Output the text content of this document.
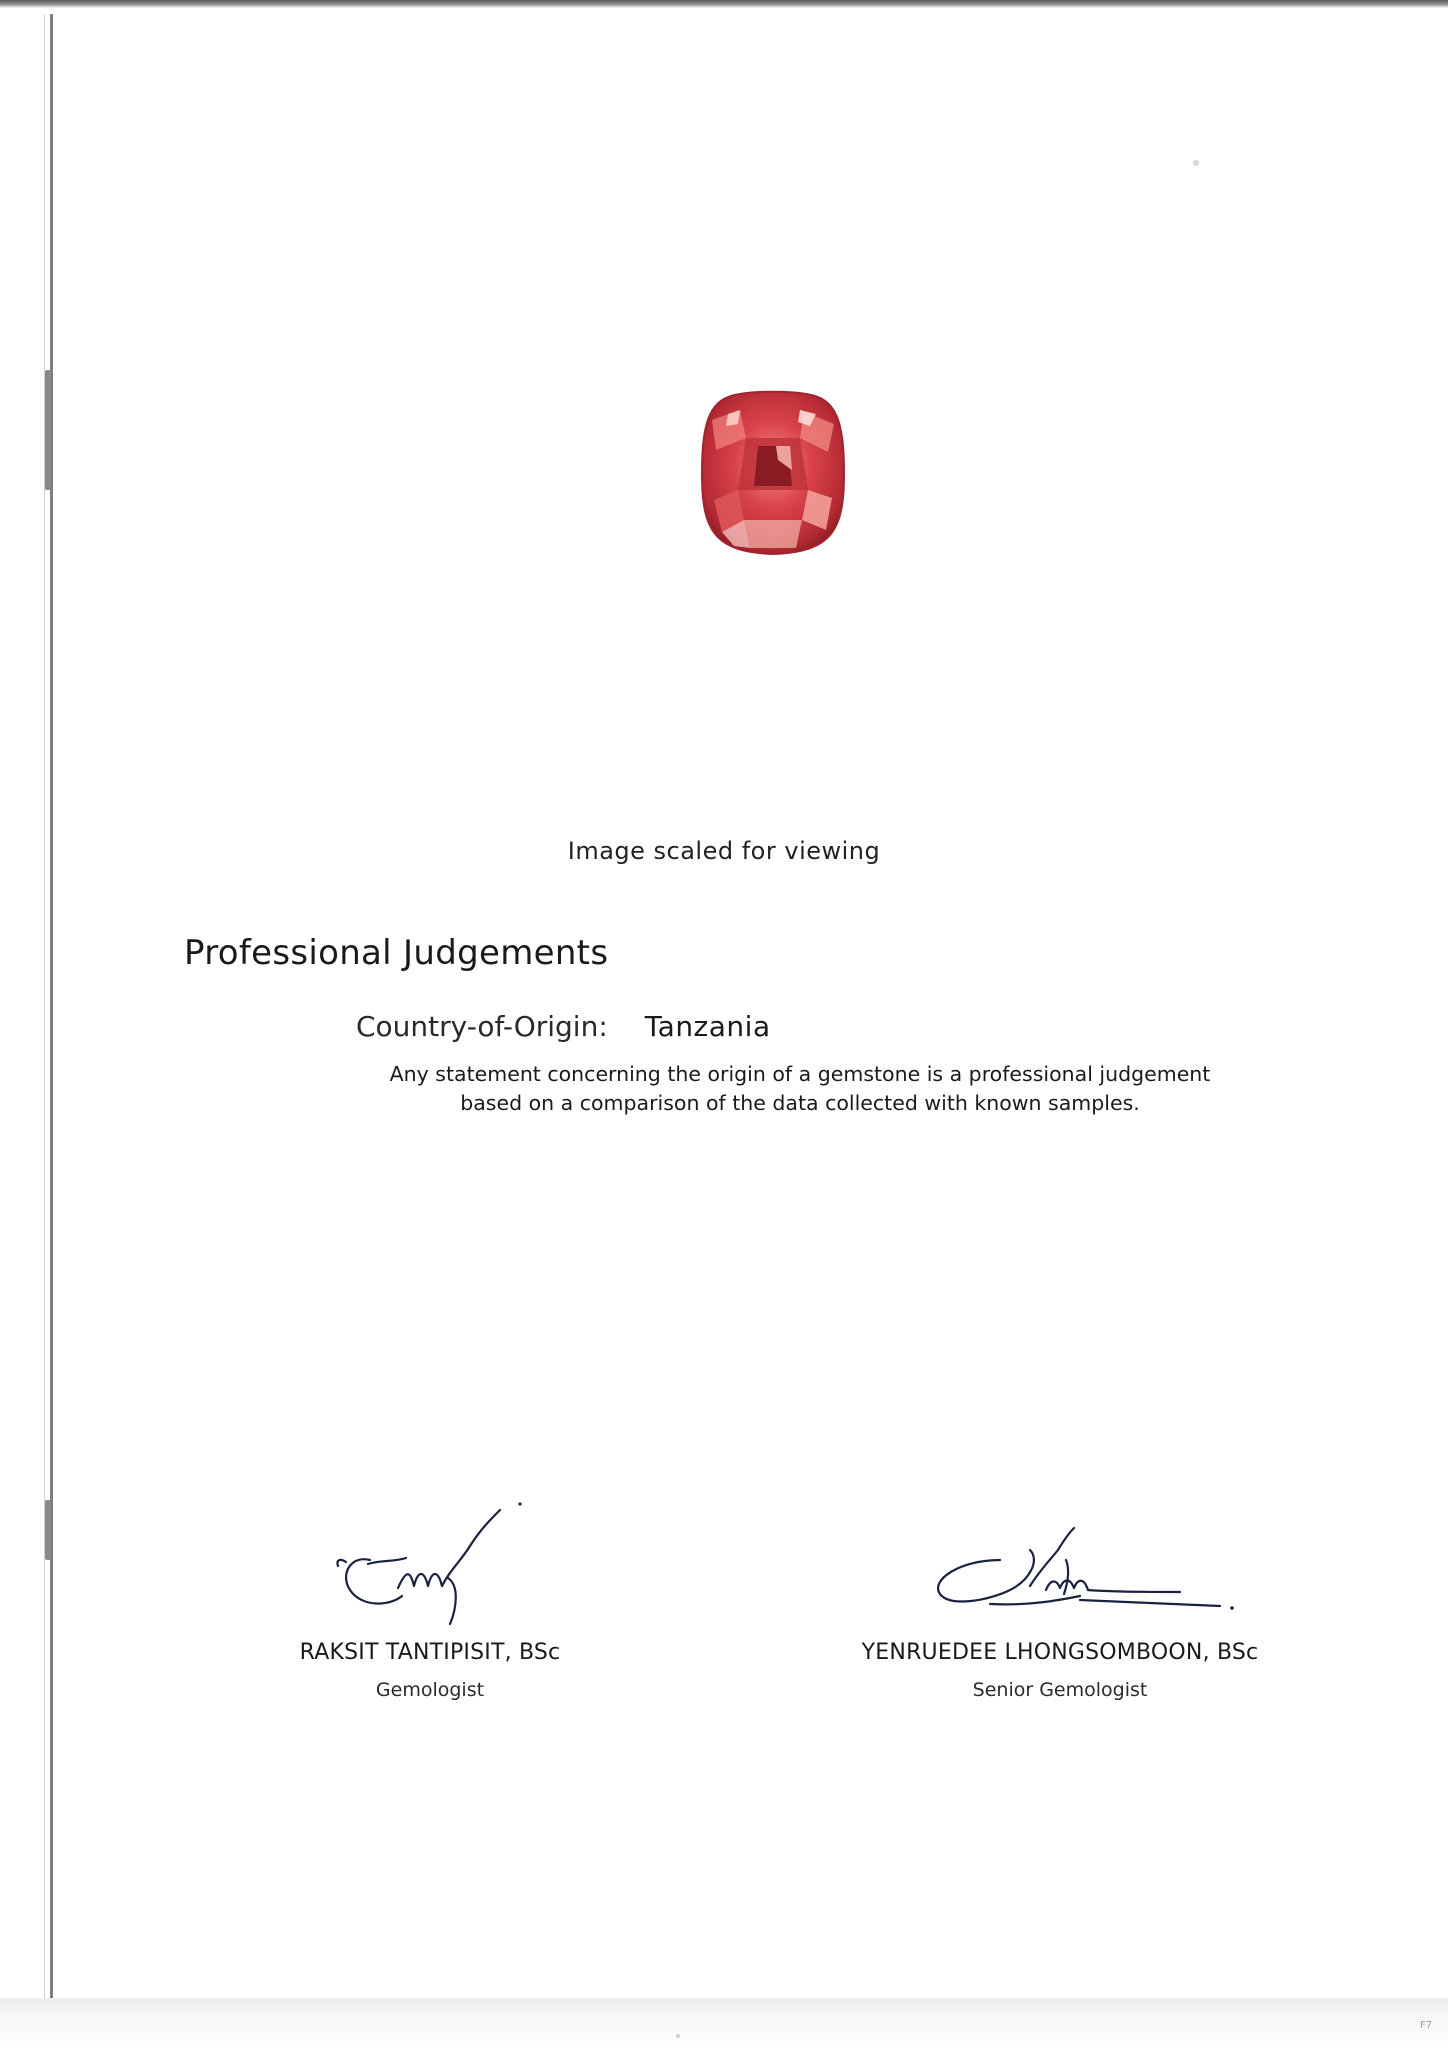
Image scaled for viewing
Professional Judgements
Country-of-Origin: Tanzania
Any statement concerning the origin of a gemstone is a professional judgement
based on a comparison of the data collected with known samples.
RAKSIT TANTIPISIT, BSc
Gemologist
YENRUEDEE LHONGSOMBOON, BSc
Senior Gemologist
F7
